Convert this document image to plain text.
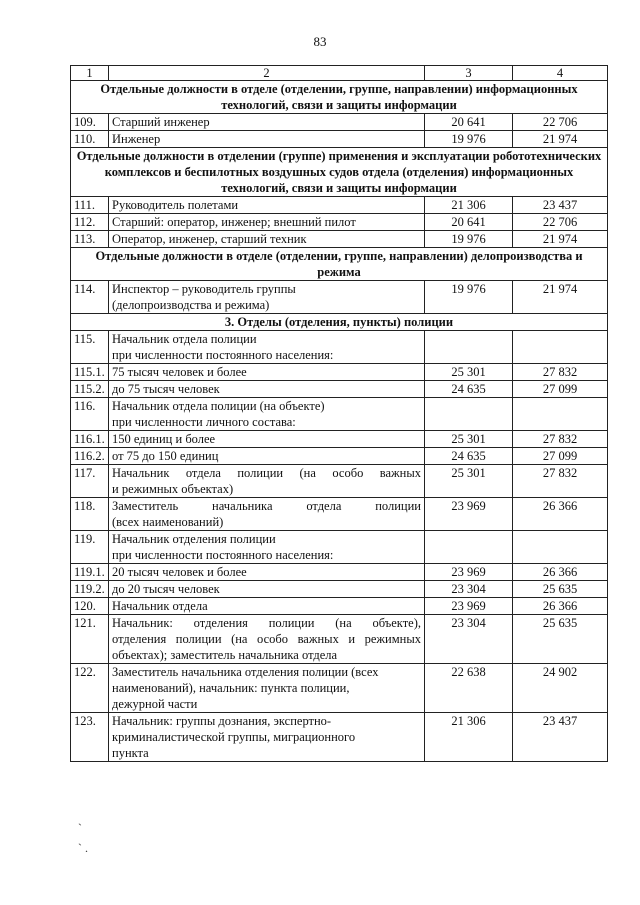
83
1	2	3	4
Отдельные должности в отделе (отделении, группе, направлении) информационных технологий, связи и защиты информации			
109.	Старший инженер	20 641	22 706
110.	Инженер	19 976	21 974
Отдельные должности в отделении (группе) применения и эксплуатации робототехнических комплексов и беспилотных воздушных судов отдела (отделения) информационных технологий, связи и защиты информации			
111.	Руководитель полетами	21 306	23 437
112.	Старший: оператор, инженер; внешний пилот	20 641	22 706
113.	Оператор, инженер, старший техник	19 976	21 974
Отдельные должности в отделе (отделении, группе, направлении) делопроизводства и режима			
114.	Инспектор – руководитель группы
(делопроизводства и режима)	19 976	21 974
3. Отделы (отделения, пункты) полиции			
115.	Начальник отдела полиции
при численности постоянного населения:		

115.1.	75 тысяч человек и более	25 301	27 832
115.2.	до 75 тысяч человек	24 635	27 099
116.	Начальник отдела полиции (на объекте)
при численности личного состава:		

116.1.	150 единиц и более	25 301	27 832
116.2.	от 75 до 150 единиц	24 635	27 099
117.	Начальник отдела полиции (на особо важных
и режимных объектах)	25 301	27 832
118.	Заместитель начальника отдела полиции
(всех наименований)	23 969	26 366
119.	Начальник отделения полиции
при численности постоянного населения:		

119.1.	20 тысяч человек и более	23 969	26 366
119.2.	до 20 тысяч человек	23 304	25 635
120.	Начальник отдела	23 969	26 366
121.	Начальник: отделения полиции (на объекте),
отделения полиции (на особо важных и режимных
объектах); заместитель начальника отдела	23 304	25 635
122.	Заместитель начальника отделения полиции (всех
наименований), начальник: пункта полиции,
дежурной части	22 638	24 902
123.	Начальник: группы дознания, экспертно-
криминалистической группы, миграционного
пункта	21 306	23 437
`
` .
